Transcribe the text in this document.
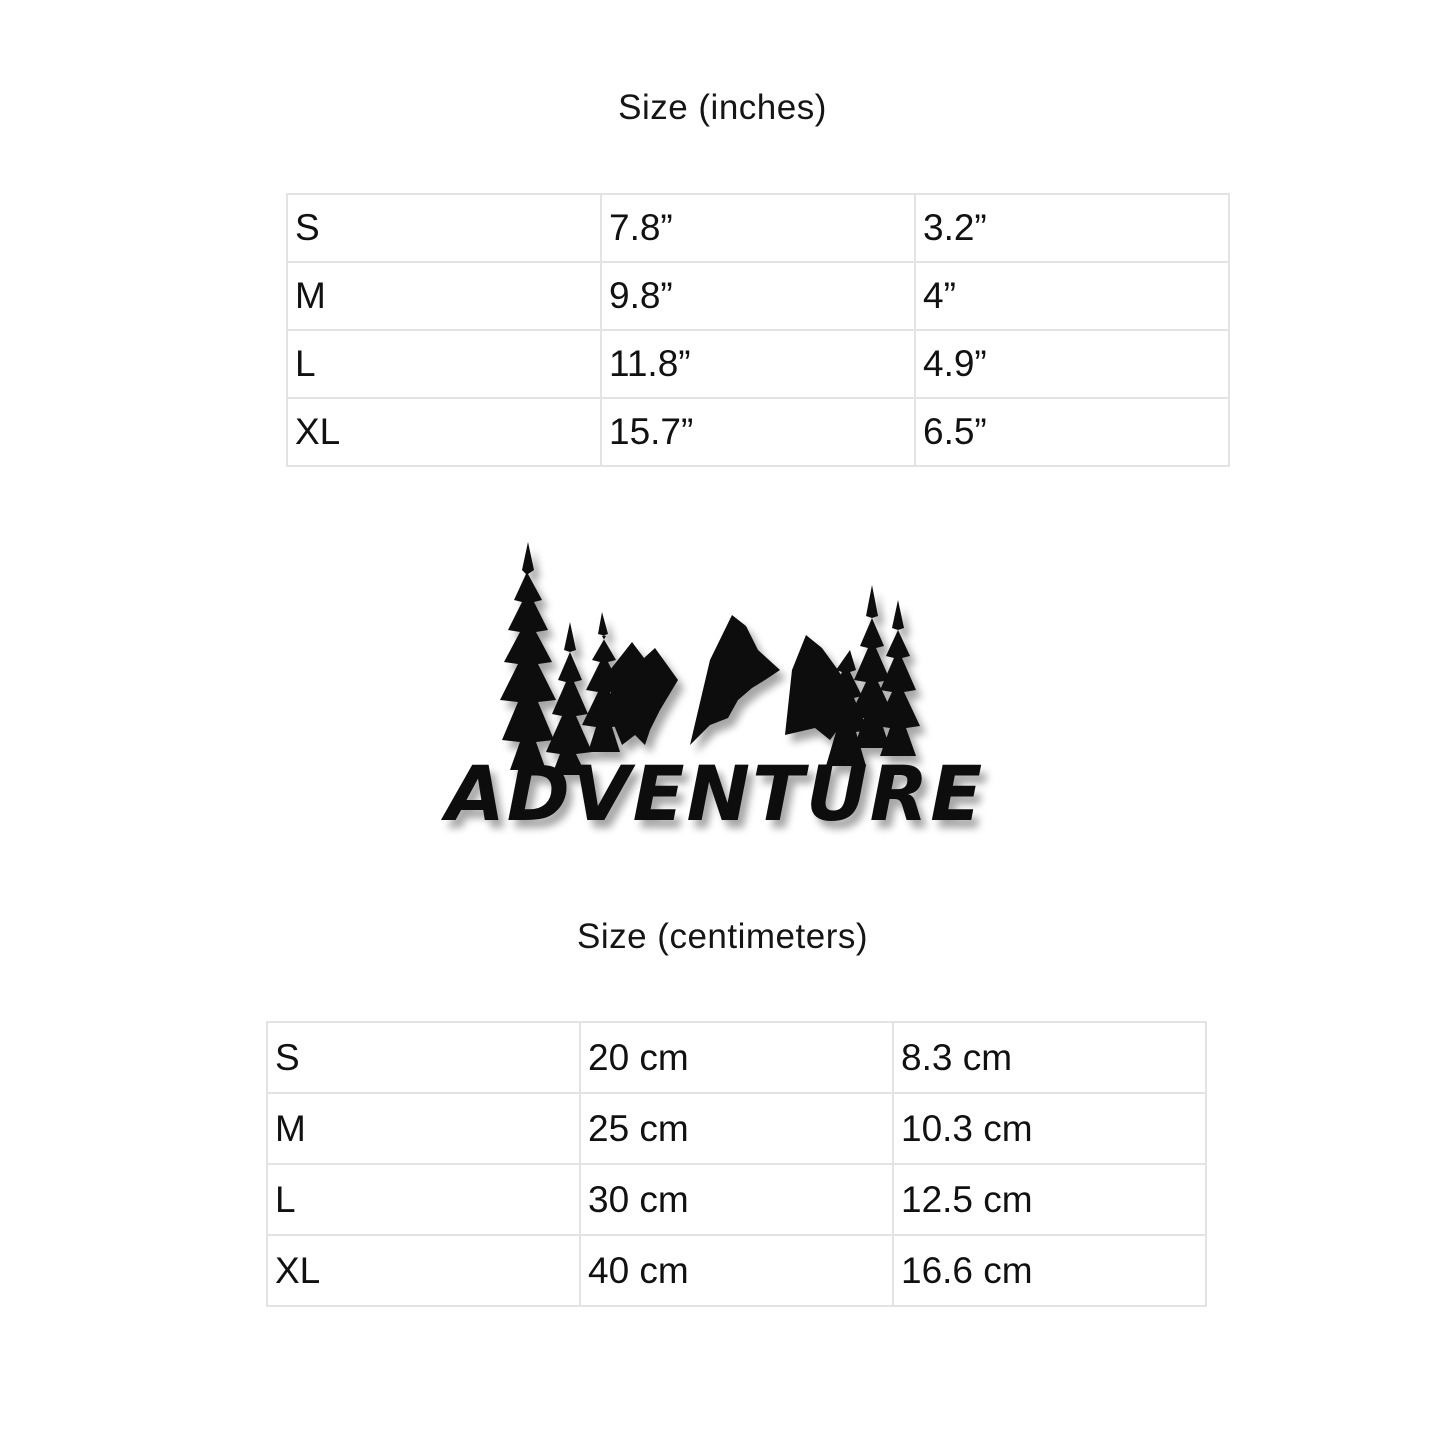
Size (inches)
S	7.8”	3.2”
M	9.8”	4”
L	11.8”	4.9”
XL	15.7”	6.5”
ADVENTURE
Size (centimeters)
S	20 cm	8.3 cm
M	25 cm	10.3 cm
L	30 cm	12.5 cm
XL	40 cm	16.6 cm
